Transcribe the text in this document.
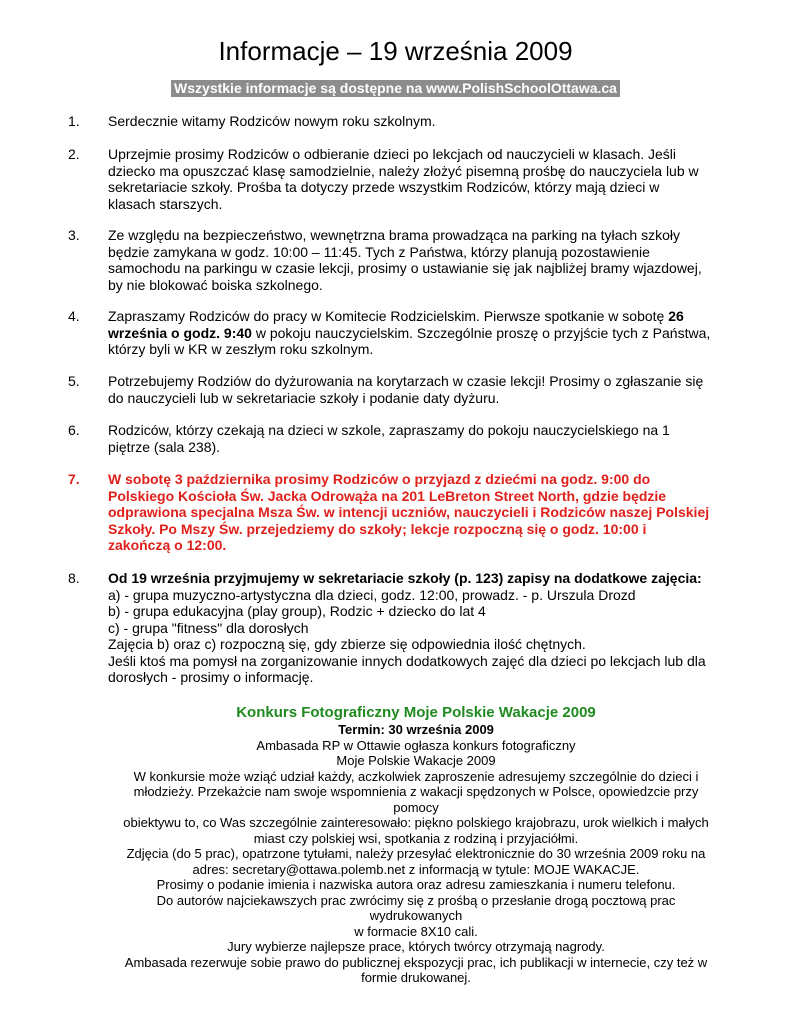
Informacje – 19 września 2009
Wszystkie informacje są dostępne na www.PolishSchoolOttawa.ca
1. Serdecznie witamy Rodziców nowym roku szkolnym.
2. Uprzejmie prosimy Rodziców o odbieranie dzieci po lekcjach od nauczycieli w klasach. Jeśli
dziecko ma opuszczać klasę samodzielnie, należy złożyć pisemną prośbę do nauczyciela lub w
sekretariacie szkoły. Prośba ta dotyczy przede wszystkim Rodziców, którzy mają dzieci w
klasach starszych.
3. Ze względu na bezpieczeństwo, wewnętrzna brama prowadząca na parking na tyłach szkoły
będzie zamykana w godz. 10:00 – 11:45. Tych z Państwa, którzy planują pozostawienie
samochodu na parkingu w czasie lekcji, prosimy o ustawianie się jak najbliżej bramy wjazdowej,
by nie blokować boiska szkolnego.
4. Zapraszamy Rodziców do pracy w Komitecie Rodzicielskim. Pierwsze spotkanie w sobotę 26
września o godz. 9:40 w pokoju nauczycielskim. Szczególnie proszę o przyjście tych z Państwa,
którzy byli w KR w zeszłym roku szkolnym.
5. Potrzebujemy Rodziów do dyżurowania na korytarzach w czasie lekcji! Prosimy o zgłaszanie się
do nauczycieli lub w sekretariacie szkoły i podanie daty dyżuru.
6. Rodziców, którzy czekają na dzieci w szkole, zapraszamy do pokoju nauczycielskiego na 1
piętrze (sala 238).
7. W sobotę 3 października prosimy Rodziców o przyjazd z dziećmi na godz. 9:00 do
Polskiego Kościoła Św. Jacka Odrowąża na 201 LeBreton Street North, gdzie będzie
odprawiona specjalna Msza Św. w intencji uczniów, nauczycieli i Rodziców naszej Polskiej
Szkoły. Po Mszy Św. przejedziemy do szkoły; lekcje rozpoczną się o godz. 10:00 i
zakończą o 12:00.
8. Od 19 września przyjmujemy w sekretariacie szkoły (p. 123) zapisy na dodatkowe zajęcia:
a) - grupa muzyczno-artystyczna dla dzieci, godz. 12:00, prowadz. - p. Urszula Drozd
b) - grupa edukacyjna (play group), Rodzic + dziecko do lat 4
c) - grupa "fitness" dla dorosłych
Zajęcia b) oraz c) rozpoczną się, gdy zbierze się odpowiednia ilość chętnych.
Jeśli ktoś ma pomysł na zorganizowanie innych dodatkowych zajęć dla dzieci po lekcjach lub dla
dorosłych - prosimy o informację.
Konkurs Fotograficzny Moje Polskie Wakacje 2009
Termin: 30 września 2009
Ambasada RP w Ottawie ogłasza konkurs fotograficzny
Moje Polskie Wakacje 2009
W konkursie może wziąć udział każdy, aczkolwiek zaproszenie adresujemy szczególnie do dzieci i
młodzieży. Przekażcie nam swoje wspomnienia z wakacji spędzonych w Polsce, opowiedzcie przy pomocy
obiektywu to, co Was szczególnie zainteresowało: piękno polskiego krajobrazu, urok wielkich i małych
miast czy polskiej wsi, spotkania z rodziną i przyjaciółmi.
Zdjęcia (do 5 prac), opatrzone tytułami, należy przesyłać elektronicznie do 30 września 2009 roku na
adres: secretary@ottawa.polemb.net z informacją w tytule: MOJE WAKACJE.
Prosimy o podanie imienia i nazwiska autora oraz adresu zamieszkania i numeru telefonu.
Do autorów najciekawszych prac zwrócimy się z prośbą o przesłanie drogą pocztową prac wydrukowanych
w formacie 8X10 cali.
Jury wybierze najlepsze prace, których twórcy otrzymają nagrody.
Ambasada rezerwuje sobie prawo do publicznej ekspozycji prac, ich publikacji w internecie, czy też w
formie drukowanej.
